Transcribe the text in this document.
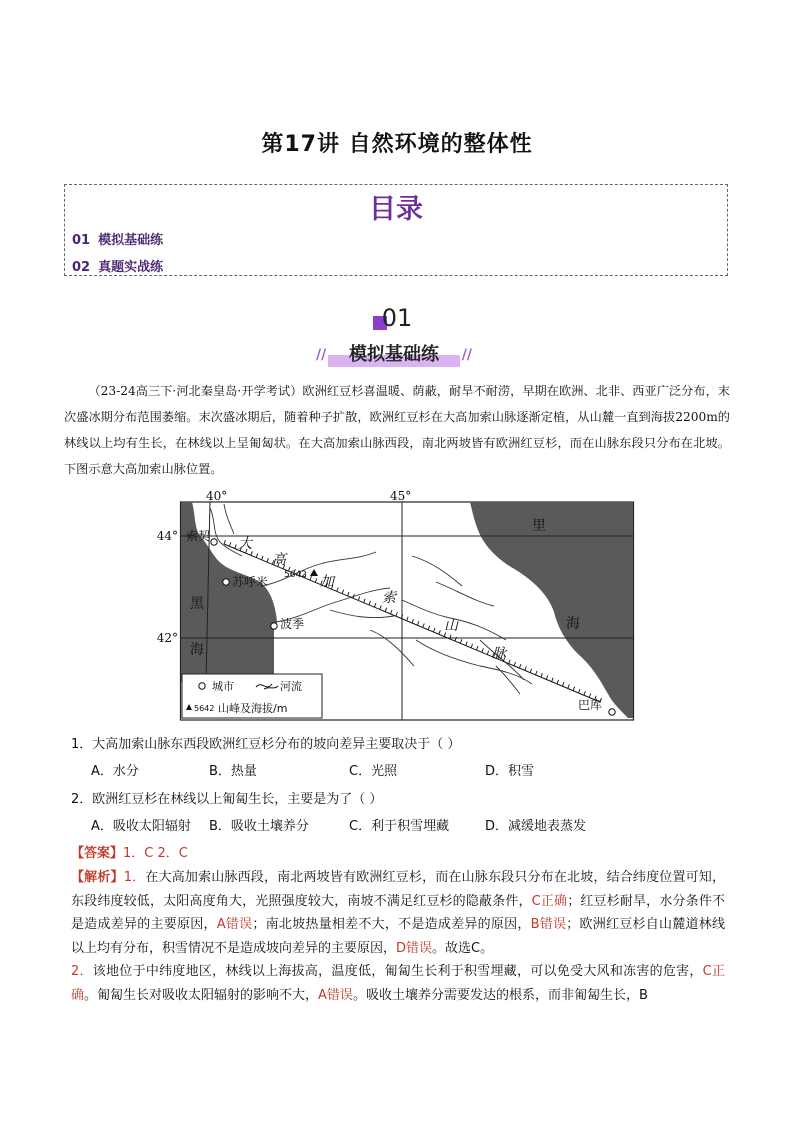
第17讲 自然环境的整体性
目录
01 模拟基础练
02 真题实战练
01
//	模拟基础练	//
（23-24高三下·河北秦皇岛·开学考试）欧洲红豆杉喜温暖、荫蔽，耐旱不耐涝，早期在欧洲、北非、西亚广泛分布，末次盛冰期分布范围萎缩。末次盛冰期后，随着种子扩散，欧洲红豆杉在大高加索山脉逐渐定植，从山麓一直到海拔2200m的林线以上均有生长，在林线以上呈匍匐状。在大高加索山脉西段，南北两坡皆有欧洲红豆杉，而在山脉东段只分布在北坡。下图示意大高加索山脉位置。
40°	45°
44°
42°
索契
苏呼米
波季
巴库
5642
黑
海
里
海
大
高
加
索
山
脉
城市	河流
5642 山峰及海拔/m
1．大高加索山脉东西段欧洲红豆杉分布的坡向差异主要取决于（ ）
A．水分	B．热量	C．光照	D．积雪
2．欧洲红豆杉在林线以上匍匐生长，主要是为了（ ）
A．吸收太阳辐射 B．吸收土壤养分	C．利于积雪埋藏	D．减缓地表蒸发
【答案】1．C 2．C

【解析】1．在大高加索山脉西段，南北两坡皆有欧洲红豆杉，而在山脉东段只分布在北坡，结合纬度位置可知，东段纬度较低，太阳高度角大，光照强度较大，南坡不满足红豆杉的隐蔽条件，C正确；红豆杉耐旱，水分条件不是造成差异的主要原因，A错误；南北坡热量相差不大，不是造成差异的原因，B错误；欧洲红豆杉自山麓道林线以上均有分布，积雪情况不是造成坡向差异的主要原因，D错误。故选C。

2．该地位于中纬度地区，林线以上海拔高，温度低，匍匐生长利于积雪埋藏，可以免受大风和冻害的危害，C正确。匍匐生长对吸收太阳辐射的影响不大，A错误。吸收土壤养分需要发达的根系，而非匍匐生长，B
